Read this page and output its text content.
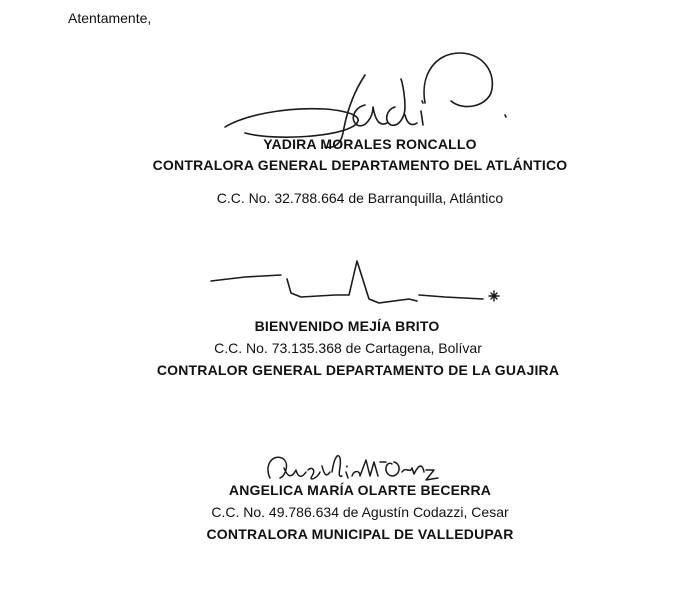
Atentamente,
YADIRA MORALES RONCALLO
CONTRALORA GENERAL DEPARTAMENTO DEL ATLÁNTICO
C.C. No. 32.788.664 de Barranquilla, Atlántico
BIENVENIDO MEJÍA BRITO
C.C. No. 73.135.368 de Cartagena, Bolívar
CONTRALOR GENERAL DEPARTAMENTO DE LA GUAJIRA
ANGELICA MARÍA OLARTE BECERRA
C.C. No. 49.786.634 de Agustín Codazzi, Cesar
CONTRALORA MUNICIPAL DE VALLEDUPAR
